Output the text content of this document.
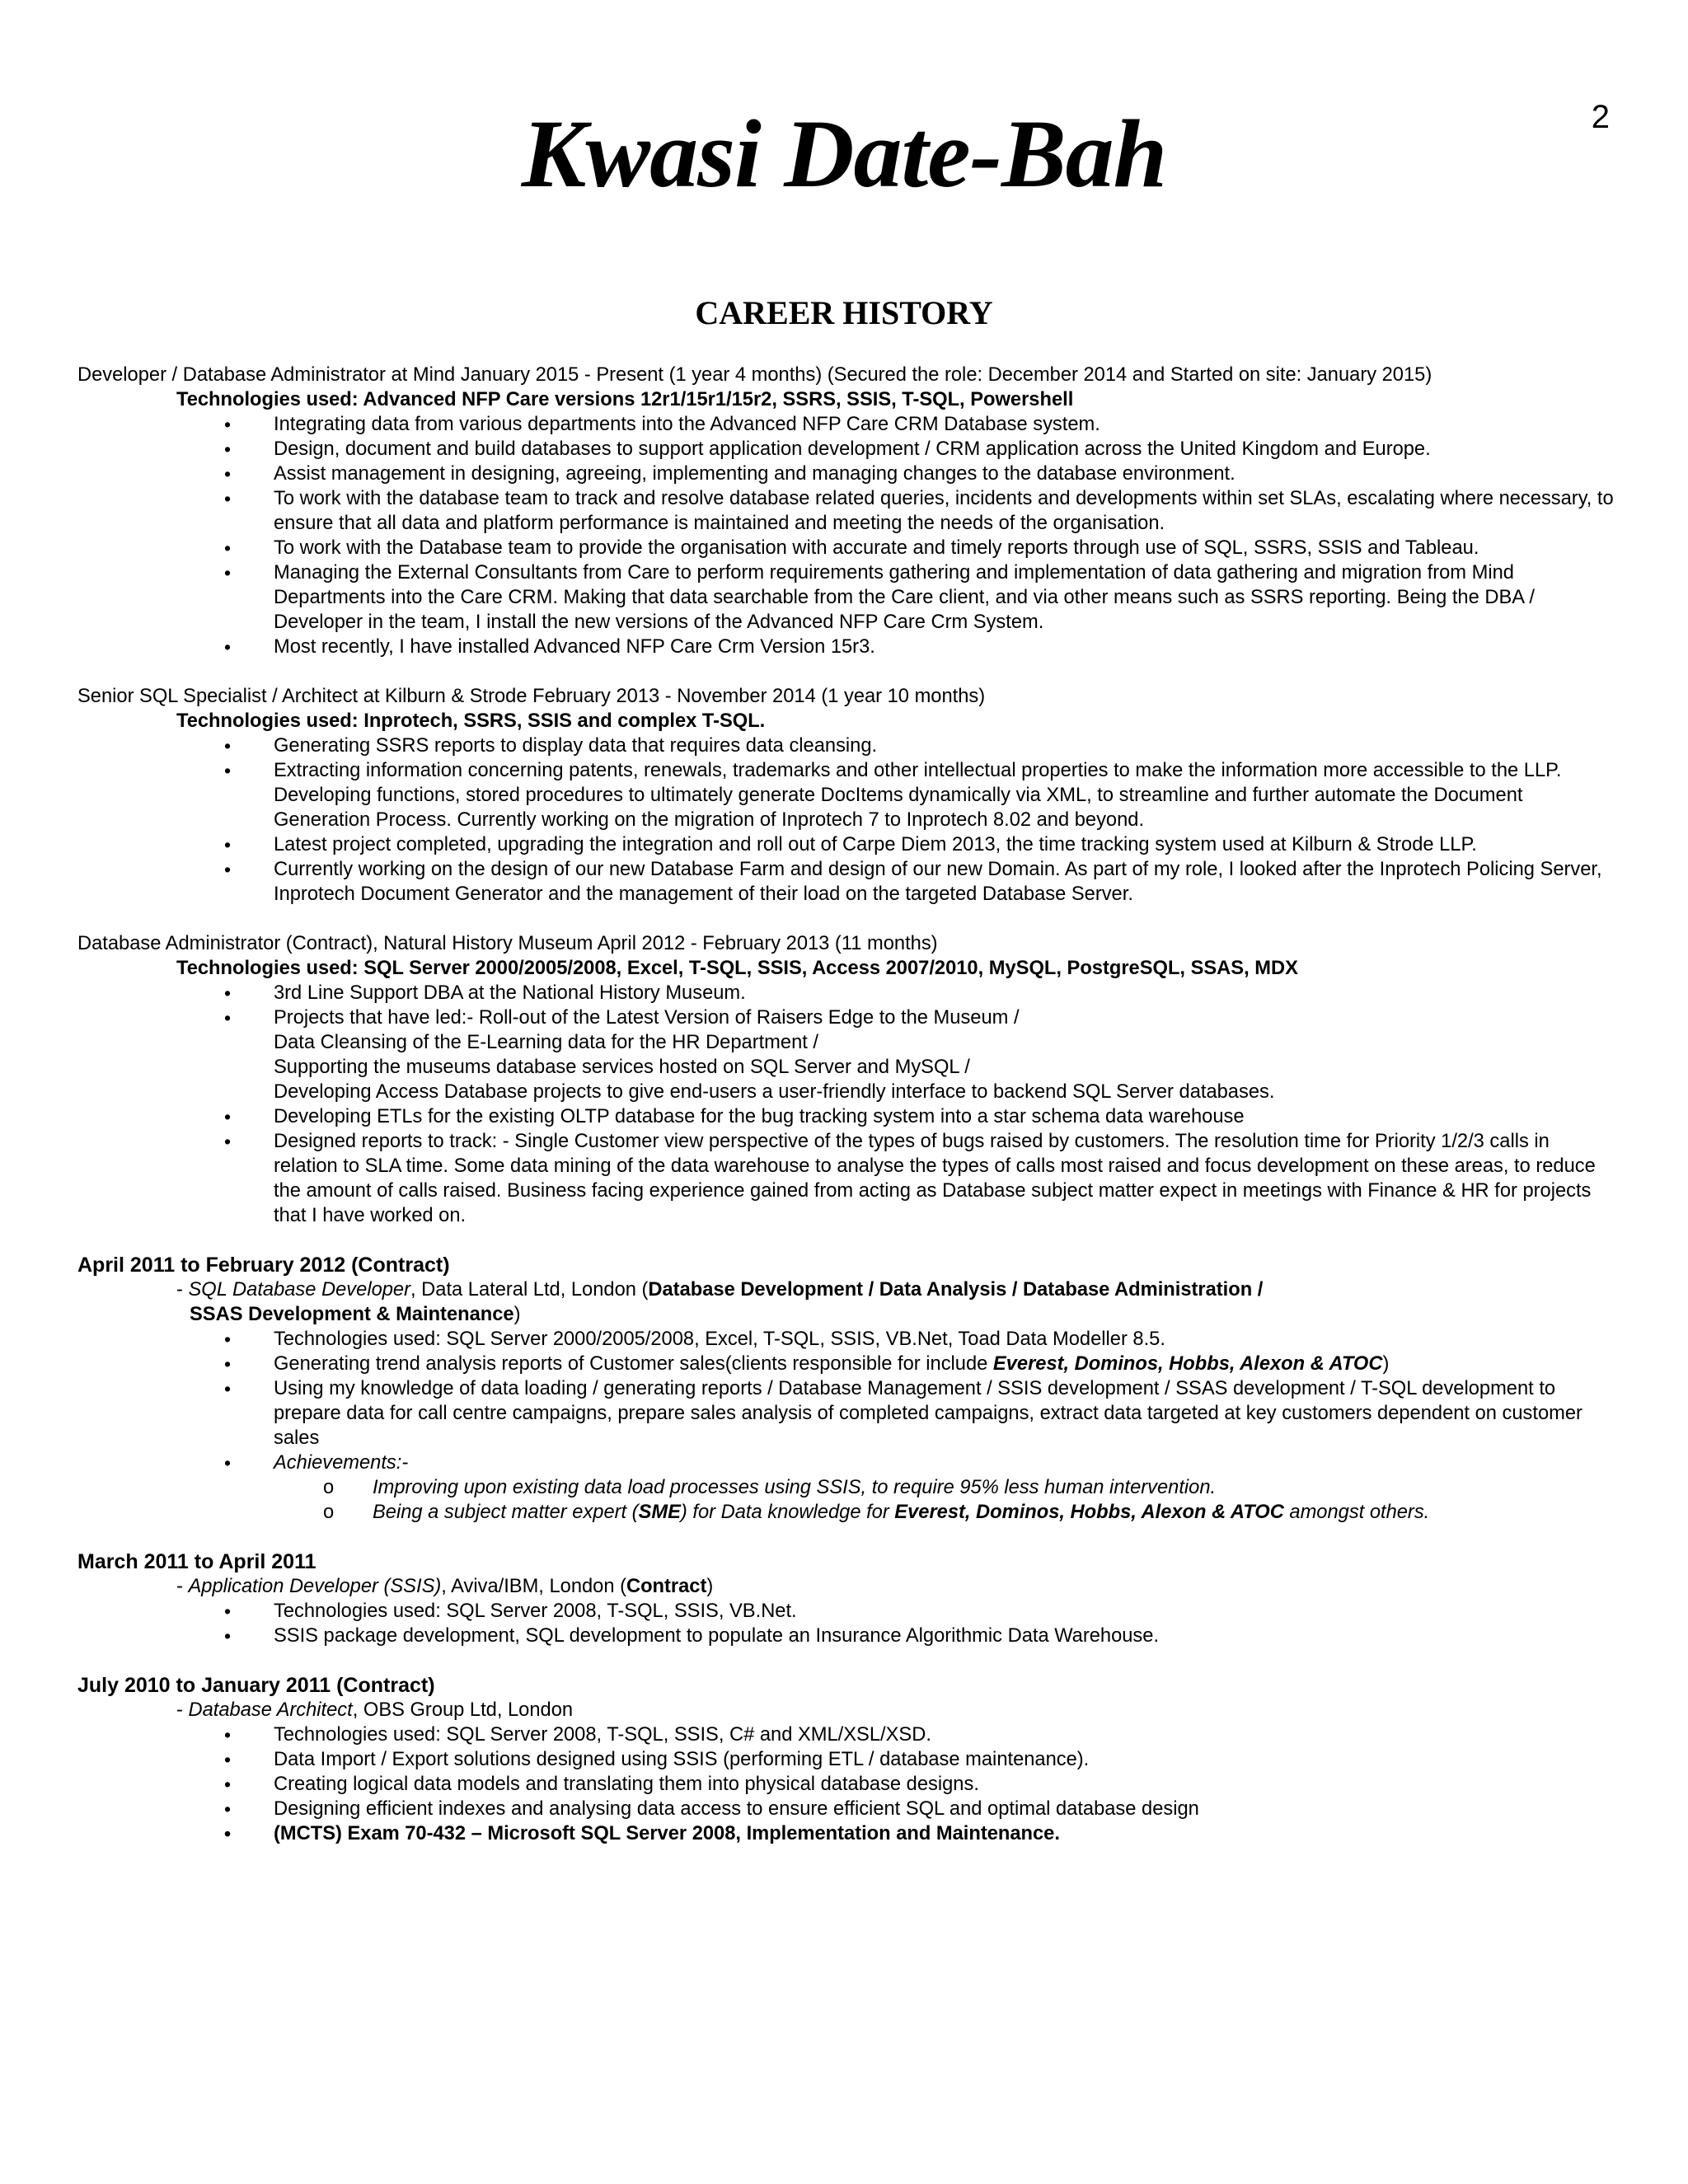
2
Kwasi Date-Bah
CAREER HISTORY

Developer / Database Administrator at Mind January 2015 - Present (1 year 4 months) (Secured the role: December 2014 and Started on site: January 2015)

Technologies used: Advanced NFP Care versions 12r1/15r1/15r2, SSRS, SSIS, T-SQL, Powershell

• Integrating data from various departments into the Advanced NFP Care CRM Database system.
• Design, document and build databases to support application development / CRM application across the United Kingdom and Europe.
• Assist management in designing, agreeing, implementing and managing changes to the database environment.
• To work with the database team to track and resolve database related queries, incidents and developments within set SLAs, escalating where necessary, to ensure that all data and platform performance is maintained and meeting the needs of the organisation.
• To work with the Database team to provide the organisation with accurate and timely reports through use of SQL, SSRS, SSIS and Tableau.
• Managing the External Consultants from Care to perform requirements gathering and implementation of data gathering and migration from Mind Departments into the Care CRM. Making that data searchable from the Care client, and via other means such as SSRS reporting. Being the DBA / Developer in the team, I install the new versions of the Advanced NFP Care Crm System.
• Most recently, I have installed Advanced NFP Care Crm Version 15r3.

Senior SQL Specialist / Architect at Kilburn & Strode February 2013 - November 2014 (1 year 10 months)

Technologies used: Inprotech, SSRS, SSIS and complex T-SQL.

• Generating SSRS reports to display data that requires data cleansing.
• Extracting information concerning patents, renewals, trademarks and other intellectual properties to make the information more accessible to the LLP. Developing functions, stored procedures to ultimately generate DocItems dynamically via XML, to streamline and further automate the Document Generation Process. Currently working on the migration of Inprotech 7 to Inprotech 8.02 and beyond.
• Latest project completed, upgrading the integration and roll out of Carpe Diem 2013, the time tracking system used at Kilburn & Strode LLP.
• Currently working on the design of our new Database Farm and design of our new Domain. As part of my role, I looked after the Inprotech Policing Server, Inprotech Document Generator and the management of their load on the targeted Database Server.

Database Administrator (Contract), Natural History Museum April 2012 - February 2013 (11 months)

Technologies used: SQL Server 2000/2005/2008, Excel, T-SQL, SSIS, Access 2007/2010, MySQL, PostgreSQL, SSAS, MDX

• 3rd Line Support DBA at the National History Museum.
• Projects that have led:- Roll-out of the Latest Version of Raisers Edge to the Museum /
Data Cleansing of the E-Learning data for the HR Department /
Supporting the museums database services hosted on SQL Server and MySQL /
Developing Access Database projects to give end-users a user-friendly interface to backend SQL Server databases.
• Developing ETLs for the existing OLTP database for the bug tracking system into a star schema data warehouse
• Designed reports to track: - Single Customer view perspective of the types of bugs raised by customers. The resolution time for Priority 1/2/3 calls in relation to SLA time. Some data mining of the data warehouse to analyse the types of calls most raised and focus development on these areas, to reduce the amount of calls raised. Business facing experience gained from acting as Database subject matter expect in meetings with Finance & HR for projects that I have worked on.

April 2011 to February 2012 (Contract)

- SQL Database Developer, Data Lateral Ltd, London (Database Development / Data Analysis / Database Administration /

SSAS Development & Maintenance)

• Technologies used: SQL Server 2000/2005/2008, Excel, T-SQL, SSIS, VB.Net, Toad Data Modeller 8.5.
• Generating trend analysis reports of Customer sales(clients responsible for include Everest, Dominos, Hobbs, Alexon & ATOC)
• Using my knowledge of data loading / generating reports / Database Management / SSIS development / SSAS development / T-SQL development to prepare data for call centre campaigns, prepare sales analysis of completed campaigns, extract data targeted at key customers dependent on customer sales
• Achievements:-
o Improving upon existing data load processes using SSIS, to require 95% less human intervention.
o Being a subject matter expert (SME) for Data knowledge for Everest, Dominos, Hobbs, Alexon & ATOC amongst others.

March 2011 to April 2011

- Application Developer (SSIS), Aviva/IBM, London (Contract)

• Technologies used: SQL Server 2008, T-SQL, SSIS, VB.Net.
• SSIS package development, SQL development to populate an Insurance Algorithmic Data Warehouse.

July 2010 to January 2011 (Contract)

- Database Architect, OBS Group Ltd, London

• Technologies used: SQL Server 2008, T-SQL, SSIS, C# and XML/XSL/XSD.
• Data Import / Export solutions designed using SSIS (performing ETL / database maintenance).
• Creating logical data models and translating them into physical database designs.
• Designing efficient indexes and analysing data access to ensure efficient SQL and optimal database design
• (MCTS) Exam 70-432 – Microsoft SQL Server 2008, Implementation and Maintenance.
